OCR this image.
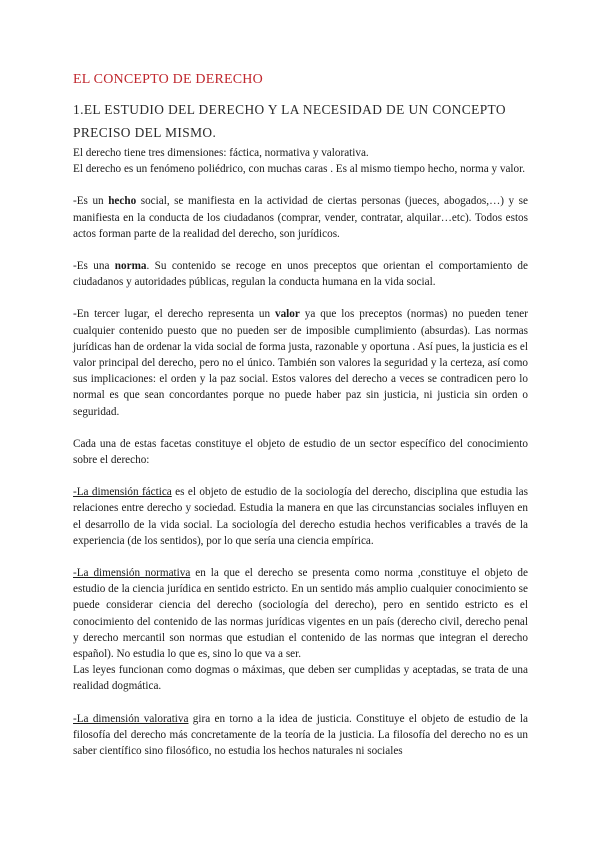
EL CONCEPTO DE DERECHO
1.EL ESTUDIO DEL DERECHO Y LA NECESIDAD DE UN CONCEPTO PRECISO DEL MISMO.

El derecho tiene tres dimensiones: fáctica, normativa y valorativa.

El derecho es un fenómeno poliédrico, con muchas caras . Es al mismo tiempo hecho, norma y valor.

-Es un hecho social, se manifiesta en la actividad de ciertas personas (jueces, abogados,…) y se manifiesta en la conducta de los ciudadanos (comprar, vender, contratar, alquilar…etc). Todos estos actos forman parte de la realidad del derecho, son jurídicos.

-Es una norma. Su contenido se recoge en unos preceptos que orientan el comportamiento de ciudadanos y autoridades públicas, regulan la conducta humana en la vida social.

-En tercer lugar, el derecho representa un valor ya que los preceptos (normas) no pueden tener cualquier contenido puesto que no pueden ser de imposible cumplimiento (absurdas). Las normas jurídicas han de ordenar la vida social de forma justa, razonable y oportuna . Así pues, la justicia es el valor principal del derecho, pero no el único. También son valores la seguridad y la certeza, así como sus implicaciones: el orden y la paz social. Estos valores del derecho a veces se contradicen pero lo normal es que sean concordantes porque no puede haber paz sin justicia, ni justicia sin orden o seguridad.

Cada una de estas facetas constituye el objeto de estudio de un sector específico del conocimiento sobre el derecho:

-La dimensión fáctica es el objeto de estudio de la sociología del derecho, disciplina que estudia las relaciones entre derecho y sociedad. Estudia la manera en que las circunstancias sociales influyen en el desarrollo de la vida social. La sociología del derecho estudia hechos verificables a través de la experiencia (de los sentidos), por lo que sería una ciencia empírica.

-La dimensión normativa en la que el derecho se presenta como norma ,constituye el objeto de estudio de la ciencia jurídica en sentido estricto. En un sentido más amplio cualquier conocimiento se puede considerar ciencia del derecho (sociología del derecho), pero en sentido estricto es el conocimiento del contenido de las normas jurídicas vigentes en un país (derecho civil, derecho penal y derecho mercantil son normas que estudian el contenido de las normas que integran el derecho español). No estudia lo que es, sino lo que va a ser.

Las leyes funcionan como dogmas o máximas, que deben ser cumplidas y aceptadas, se trata de una realidad dogmática.

-La dimensión valorativa gira en torno a la idea de justicia. Constituye el objeto de estudio de la filosofía del derecho más concretamente de la teoría de la justicia. La filosofía del derecho no es un saber científico sino filosófico, no estudia los hechos naturales ni sociales
